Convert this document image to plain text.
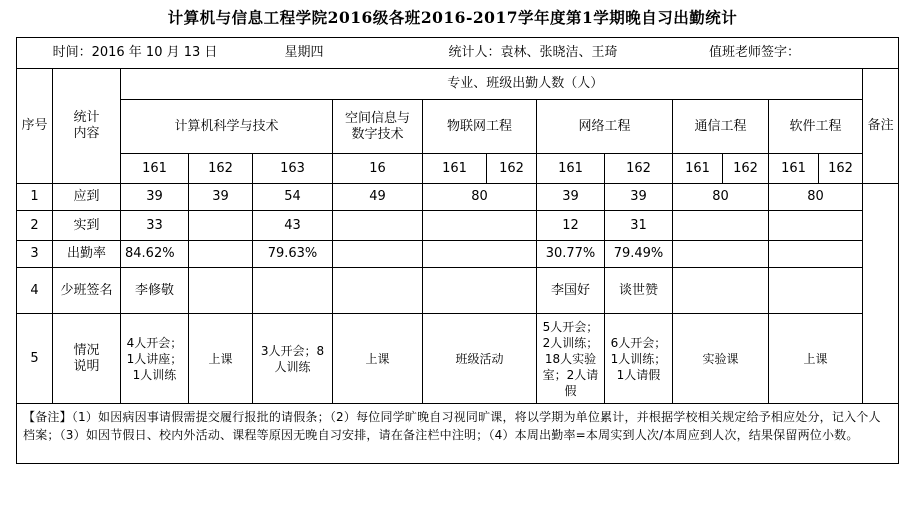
计算机与信息工程学院2016级各班2016-2017学年度第1学期晚自习出勤统计
时间：2016 年 10 月 13 日 星期四 统计人：袁林、张晓洁、王琦 值班老师签字：														

序号	统计内容		专业、班级出勤人数（人）											备注
		计算机科学与技术			空间信息与数字技术	物联网工程		网络工程		通信工程		软件工程		
		161	162	163	16	161	162	161	162	161	162	161	162	
1	应到	39	39	54	49	80		39	39	80		80		
2	实到	33		43				12	31					
3	出勤率	84.62%		79.63%				30.77%	79.49%					
4	少班签名	李修敬						李国好	谈世赞					
5	情况说明	4人开会；1人讲座；1人训练	上课	3人开会；8人训练	上课	班级活动		5人开会；2人训练；18人实验室；2人请假	6人开会；1人训练；1人请假	实验课		上课		
【备注】（1）如因病因事请假需提交履行报批的请假条；（2）每位同学旷晚自习视同旷课，将以学期为单位累计，并根据学校相关规定给予相应处分，记入个人档案；（3）如因节假日、校内外活动、课程等原因无晚自习安排，请在备注栏中注明；（4）本周出勤率=本周实到人次/本周应到人次，结果保留两位小数。														
